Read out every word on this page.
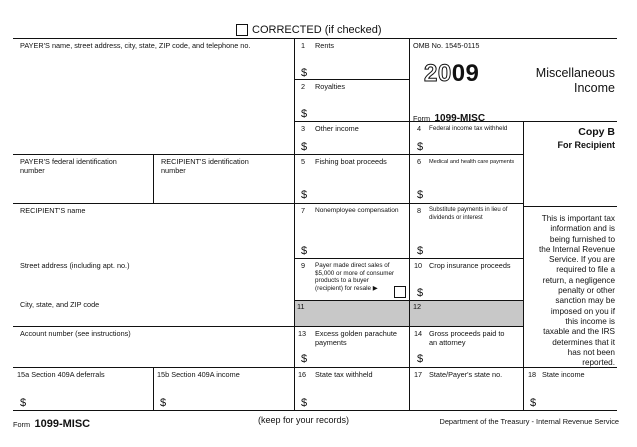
CORRECTED (if checked)
PAYER'S name, street address, city, state, ZIP code, and telephone no.
PAYER'S federal identification
number
RECIPIENT'S identification
number
RECIPIENT'S name
Street address (including apt. no.)
City, state, and ZIP code
Account number (see instructions)
1 Rents
$
2 Royalties
$
3 Other income
$
4 Federal income tax withheld
$
5 Fishing boat proceeds
$
6 Medical and health care payments
$
7 Nonemployee compensation
$
8 Substitute payments in lieu of
dividends or interest
$
9 Payer made direct sales of
$5,000 or more of consumer
products to a buyer
(recipient) for resale ▶
10 Crop insurance proceeds
$
11	12
13 Excess golden parachute
payments
$
14 Gross proceeds paid to
an attorney
$
15a Section 409A deferrals
$
15b Section 409A income
$
16 State tax withheld
$
17 State/Payer's state no.	18 State income
$
OMB No. 1545-0115
2009
Form 1099-MISC
Miscellaneous
Income
Copy B
For Recipient
This is important tax
information and is
being furnished to
the Internal Revenue
Service. If you are
required to file a
return, a negligence
penalty or other
sanction may be
imposed on you if
this income is
taxable and the IRS
determines that it
has not been
reported.
Form 1099-MISC	(keep for your records)	Department of the Treasury - Internal Revenue Service
